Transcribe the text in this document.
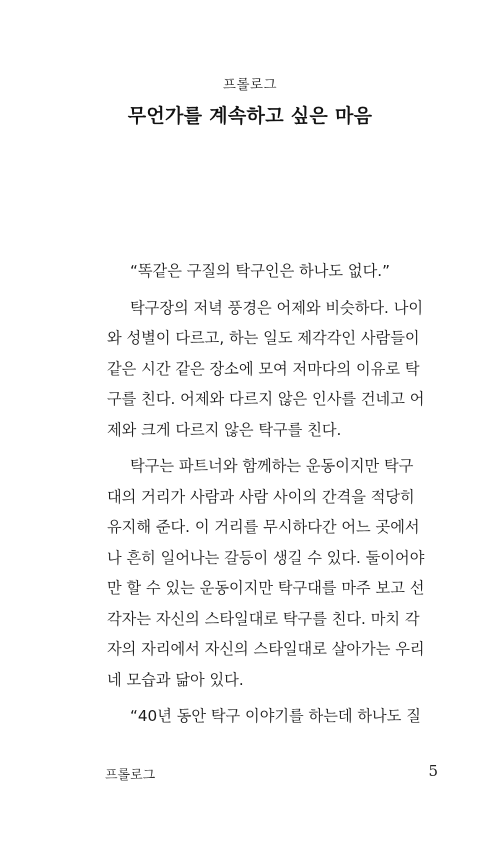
프롤로그
무언가를 계속하고 싶은 마음
“똑같은 구질의 탁구인은 하나도 없다.”
탁구장의 저녁 풍경은 어제와 비슷하다. 나이
와 성별이 다르고, 하는 일도 제각각인 사람들이
같은 시간 같은 장소에 모여 저마다의 이유로 탁
구를 친다. 어제와 다르지 않은 인사를 건네고 어
제와 크게 다르지 않은 탁구를 친다.
탁구는 파트너와 함께하는 운동이지만 탁구
대의 거리가 사람과 사람 사이의 간격을 적당히
유지해 준다. 이 거리를 무시하다간 어느 곳에서
나 흔히 일어나는 갈등이 생길 수 있다. 둘이어야
만 할 수 있는 운동이지만 탁구대를 마주 보고 선
각자는 자신의 스타일대로 탁구를 친다. 마치 각
자의 자리에서 자신의 스타일대로 살아가는 우리
네 모습과 닮아 있다.
“40년 동안 탁구 이야기를 하는데 하나도 질
프롤로그	5
